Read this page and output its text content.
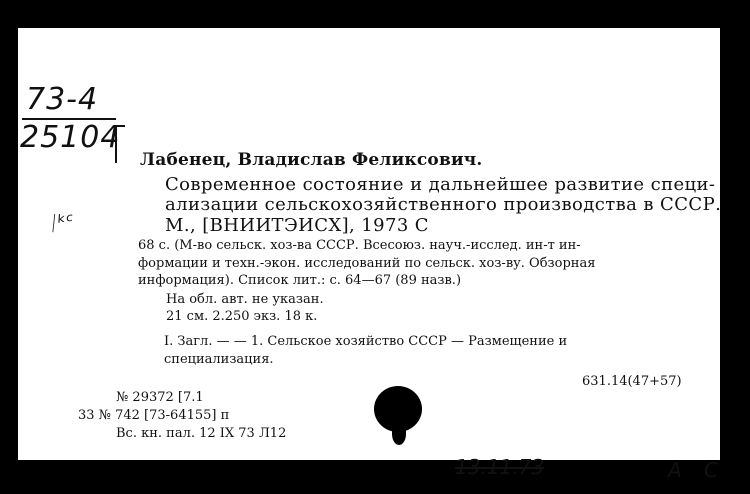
73-4
25104
ᛁᵏᶜ
Лабенец, Владислав Феликсович.
Современное состояние и дальнейшее развитие специ-
ализации сельскохозяйственного производства в СССР.
М., [ВНИИТЭИСХ], 1973 С
68 с. (М-во сельск. хоз-ва СССР. Всесоюз. науч.-исслед. ин-т ин-
формации и техн.-экон. исследований по сельск. хоз-ву. Обзорная
информация). Список лит.: с. 64—67 (89 назв.)
На обл. авт. не указан.
21 см. 2.250 экз. 18 к.
I. Загл. — — 1. Сельское хозяйство СССР — Размещение и
специализация.
631.14(47+57)
№ 29372 [7.1
33 № 742 [73-64155] п
Вс. кн. пал. 12 IX 73 Л12
13.11.73	А С
